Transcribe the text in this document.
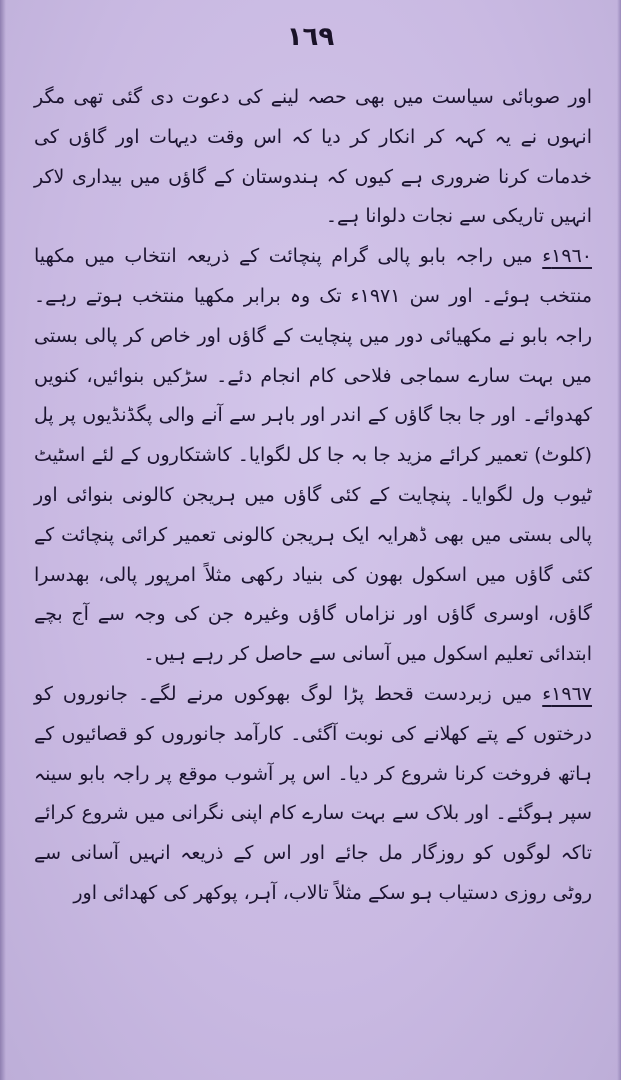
١٦٩

اور صوبائی سیاست میں بھی حصہ لینے کی دعوت دی گئی تھی مگر انہوں نے یہ کہہ کر انکار کر دیا کہ اس وقت دیہات اور گاؤں کی خدمات کرنا ضروری ہے کیوں کہ ہندوستان کے گاؤں میں بیداری لاکر انہیں تاریکی سے نجات دلوانا ہے۔

١٩٦٠ء میں راجہ بابو پالی گرام پنچائت کے ذریعہ انتخاب میں مکھیا منتخب ہوئے۔ اور سن ١٩٧١ء تک وہ برابر مکھیا منتخب ہوتے رہے۔ راجہ بابو نے مکھیائی دور میں پنچایت کے گاؤں اور خاص کر پالی بستی میں بہت سارے سماجی فلاحی کام انجام دئے۔ سڑکیں بنوائیں، کنویں کھدوائے۔ اور جا بجا گاؤں کے اندر اور باہر سے آنے والی پگڈنڈیوں پر پل (کلوٹ) تعمیر کرائے مزید جا بہ جا کل لگوایا۔ کاشتکاروں کے لئے اسٹیٹ ٹیوب ول لگوایا۔ پنچایت کے کئی گاؤں میں ہریجن کالونی بنوائی اور پالی بستی میں بھی ڈھرایہ ایک ہریجن کالونی تعمیر کرائی پنچائت کے کئی گاؤں میں اسکول بھون کی بنیاد رکھی مثلاً امرپور پالی، بھدسرا گاؤں، اوسری گاؤں اور نزاماں گاؤں وغیرہ جن کی وجہ سے آج بچے ابتدائی تعلیم اسکول میں آسانی سے حاصل کر رہے ہیں۔

١٩٦٧ء میں زبردست قحط پڑا لوگ بھوکوں مرنے لگے۔ جانوروں کو درختوں کے پتے کھلانے کی نوبت آگئی۔ کارآمد جانوروں کو قصائیوں کے ہاتھ فروخت کرنا شروع کر دیا۔ اس پر آشوب موقع پر راجہ بابو سینہ سپر ہوگئے۔ اور بلاک سے بہت سارے کام اپنی نگرانی میں شروع کرائے تاکہ لوگوں کو روزگار مل جائے اور اس کے ذریعہ انہیں آسانی سے روٹی روزی دستیاب ہو سکے مثلاً تالاب، آہر، پوکھر کی کھدائی اور
